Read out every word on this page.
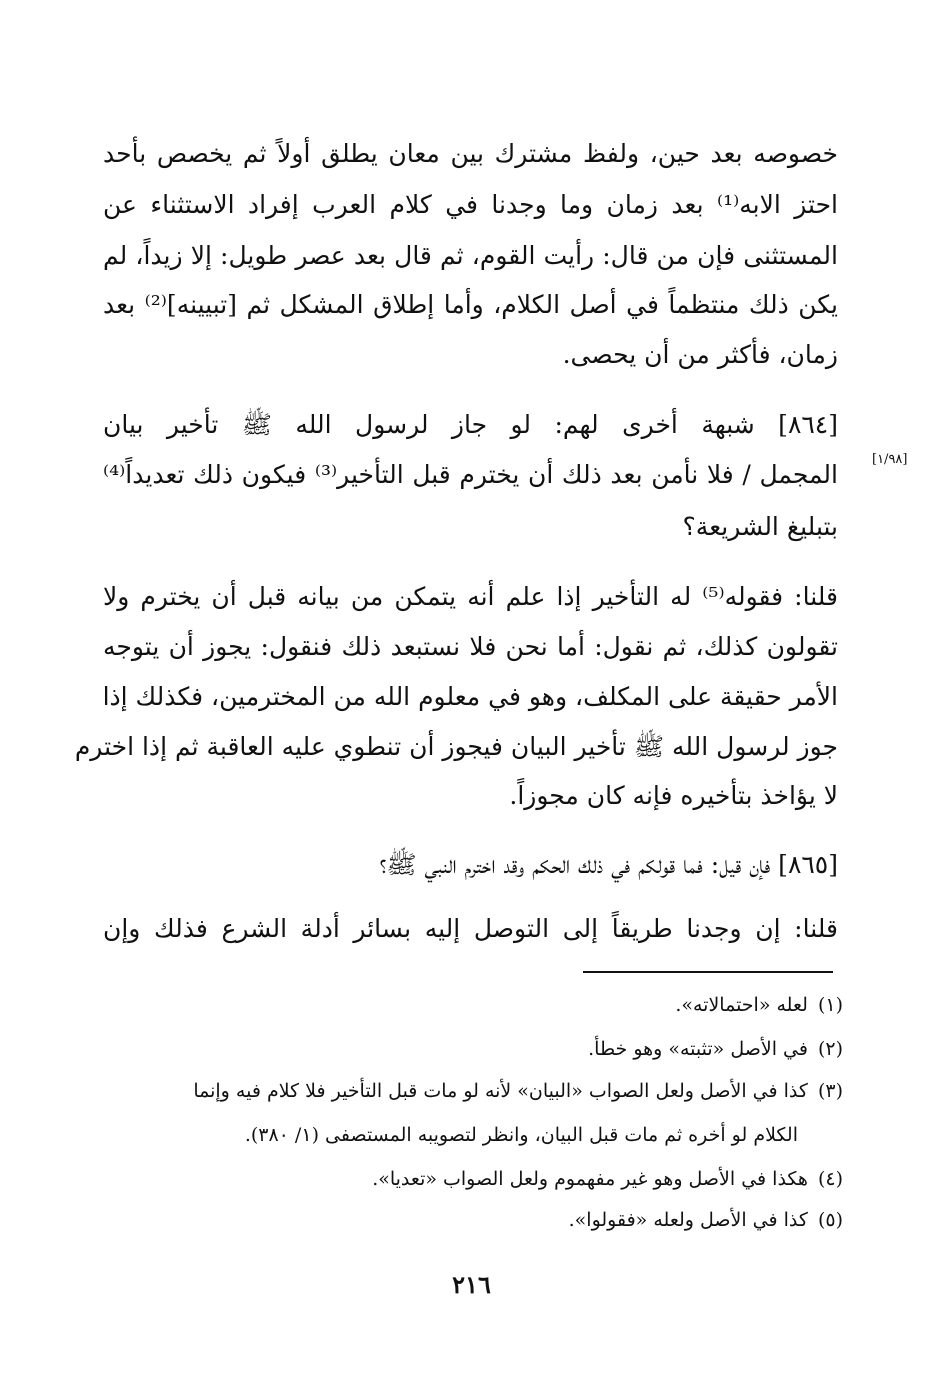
خصوصه بعد حين، ولفظ مشترك بين معان يطلق أولاً ثم يخصص بأحد
احتز الابه⁽¹⁾ بعد زمان وما وجدنا في كلام العرب إفراد الاستثناء عن
المستثنى فإن من قال: رأيت القوم، ثم قال بعد عصر طويل: إلا زيداً، لم
يكن ذلك منتظماً في أصل الكلام، وأما إطلاق المشكل ثم [تبيينه]⁽²⁾ بعد
زمان، فأكثر من أن يحصى.
[٨٦٤] شبهة أخرى لهم: لو جاز لرسول الله ﷺ تأخير بيان
المجمل / فلا نأمن بعد ذلك أن يخترم قبل التأخير⁽³⁾ فيكون ذلك تعديداً⁽⁴⁾
[١/٩٨]
بتبليغ الشريعة؟
قلنا: فقوله⁽⁵⁾ له التأخير إذا علم أنه يتمكن من بيانه قبل أن يخترم ولا
تقولون كذلك، ثم نقول: أما نحن فلا نستبعد ذلك فنقول: يجوز أن يتوجه
الأمر حقيقة على المكلف، وهو في معلوم الله من المخترمين، فكذلك إذا
جوز لرسول الله ﷺ تأخير البيان فيجوز أن تنطوي عليه العاقبة ثم إذا اخترم
لا يؤاخذ بتأخيره فإنه كان مجوزاً.
[٨٦٥] فإن قيل: فما قولكم في ذلك الحكم وقد اخترم النبي ﷺ؟
قلنا: إن وجدنا طريقاً إلى التوصل إليه بسائر أدلة الشرع فذلك وإن
(١)لعله «احتمالاته».
(٢)في الأصل «تثبته» وهو خطأ.
(٣)كذا في الأصل ولعل الصواب «البيان» لأنه لو مات قبل التأخير فلا كلام فيه وإنما
الكلام لو أخره ثم مات قبل البيان، وانظر لتصويبه المستصفى (١/ ٣٨٠).
(٤)هكذا في الأصل وهو غير مفهموم ولعل الصواب «تعديا».
(٥)كذا في الأصل ولعله «فقولوا».
٢١٦
